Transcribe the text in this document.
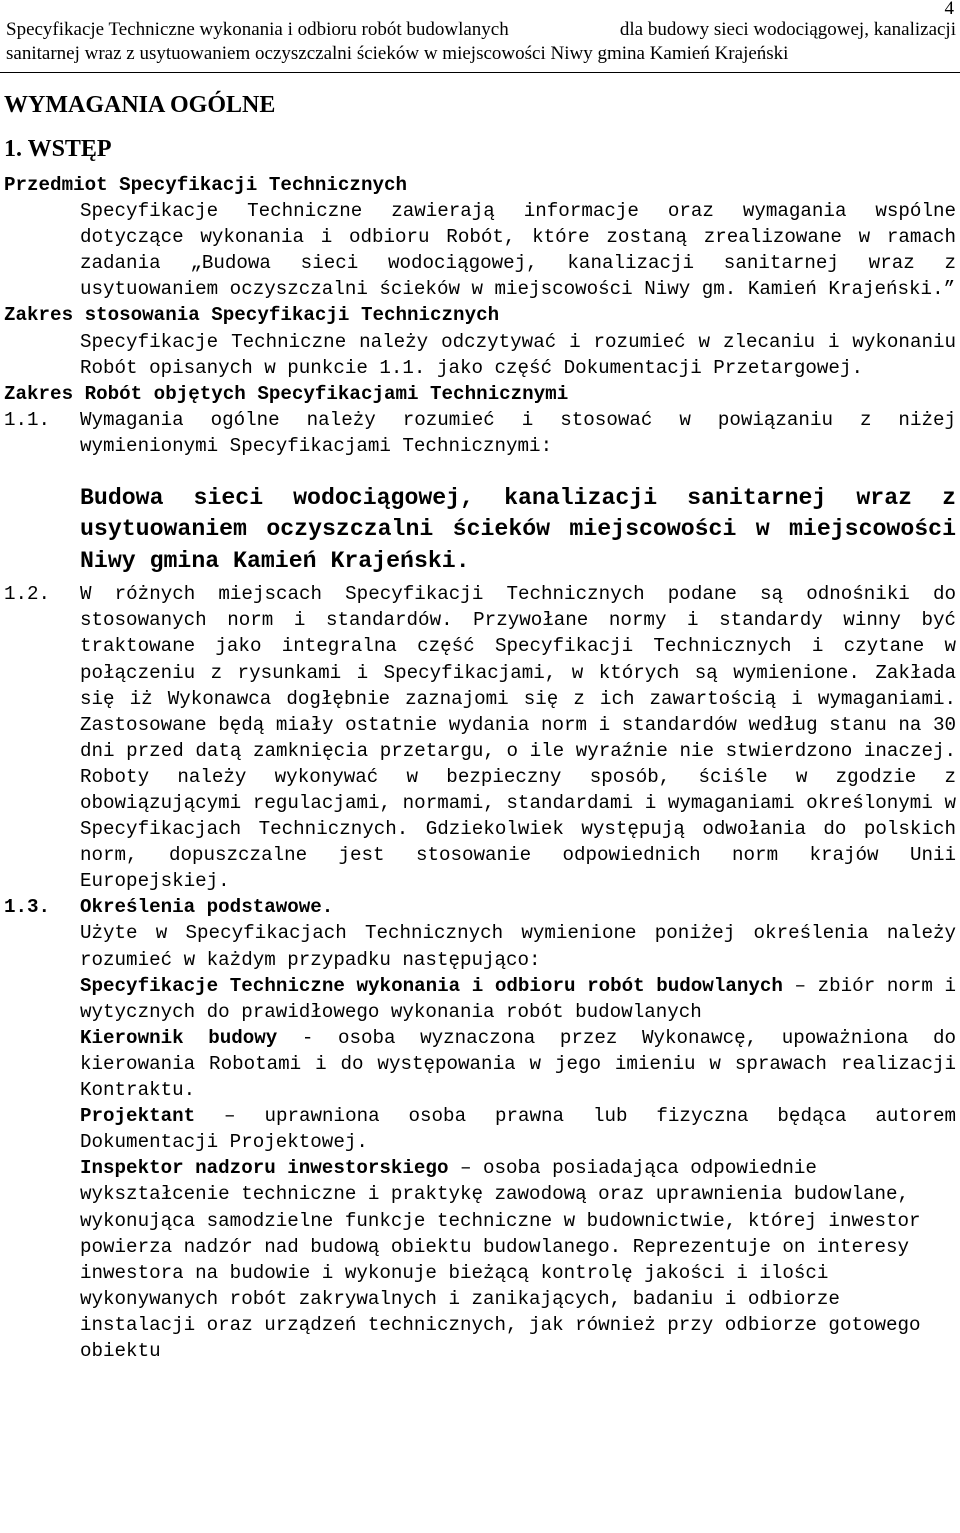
4
Specyfikacje Techniczne wykonania i odbioru robót budowlanych	dla budowy sieci wodociągowej, kanalizacji
sanitarnej wraz z usytuowaniem oczyszczalni ścieków w miejscowości Niwy gmina Kamień Krajeński
WYMAGANIA OGÓLNE
1. WSTĘP
Przedmiot Specyfikacji Technicznych
Specyfikacje Techniczne zawierają informacje oraz wymagania wspólne dotyczące wykonania i odbioru Robót, które zostaną zrealizowane w ramach zadania „Budowa sieci wodociągowej, kanalizacji sanitarnej wraz z usytuowaniem oczyszczalni ścieków w miejscowości Niwy gm. Kamień Krajeński.”
Zakres stosowania Specyfikacji Technicznych
Specyfikacje Techniczne należy odczytywać i rozumieć w zlecaniu i wykonaniu Robót opisanych w punkcie 1.1. jako część Dokumentacji Przetargowej.
Zakres Robót objętych Specyfikacjami Technicznymi
1.1.	Wymagania ogólne należy rozumieć i stosować w powiązaniu z niżej wymienionymi Specyfikacjami Technicznymi:
Budowa sieci wodociągowej, kanalizacji sanitarnej wraz z usytuowaniem oczyszczalni ścieków miejscowości w miejscowości Niwy gmina Kamień Krajeński.
1.2.	W różnych miejscach Specyfikacji Technicznych podane są odnośniki do stosowanych norm i standardów. Przywołane normy i standardy winny być traktowane jako integralna część Specyfikacji Technicznych i czytane w połączeniu z rysunkami i Specyfikacjami, w których są wymienione. Zakłada się iż Wykonawca dogłębnie zaznajomi się z ich zawartością i wymaganiami. Zastosowane będą miały ostatnie wydania norm i standardów według stanu na 30 dni przed datą zamknięcia przetargu, o ile wyraźnie nie stwierdzono inaczej. Roboty należy wykonywać w bezpieczny sposób, ściśle w zgodzie z obowiązującymi regulacjami, normami, standardami i wymaganiami określonymi w Specyfikacjach Technicznych. Gdziekolwiek występują odwołania do polskich norm, dopuszczalne jest stosowanie odpowiednich norm krajów Unii Europejskiej.
1.3.	Określenia podstawowe.
Użyte w Specyfikacjach Technicznych wymienione poniżej określenia należy rozumieć w każdym przypadku następująco:
Specyfikacje Techniczne wykonania i odbioru robót budowlanych – zbiór norm i wytycznych do prawidłowego wykonania robót budowlanych
Kierownik budowy - osoba wyznaczona przez Wykonawcę, upoważniona do kierowania Robotami i do występowania w jego imieniu w sprawach realizacji Kontraktu.
Projektant – uprawniona osoba prawna lub fizyczna będąca autorem Dokumentacji Projektowej.
Inspektor nadzoru inwestorskiego – osoba posiadająca odpowiednie wykształcenie techniczne i praktykę zawodową oraz uprawnienia budowlane, wykonująca samodzielne funkcje techniczne w budownictwie, której inwestor powierza nadzór nad budową obiektu budowlanego. Reprezentuje on interesy inwestora na budowie i wykonuje bieżącą kontrolę jakości i ilości wykonywanych robót zakrywalnych i zanikających, badaniu i odbiorze instalacji oraz urządzeń technicznych, jak również przy odbiorze gotowego obiektu
